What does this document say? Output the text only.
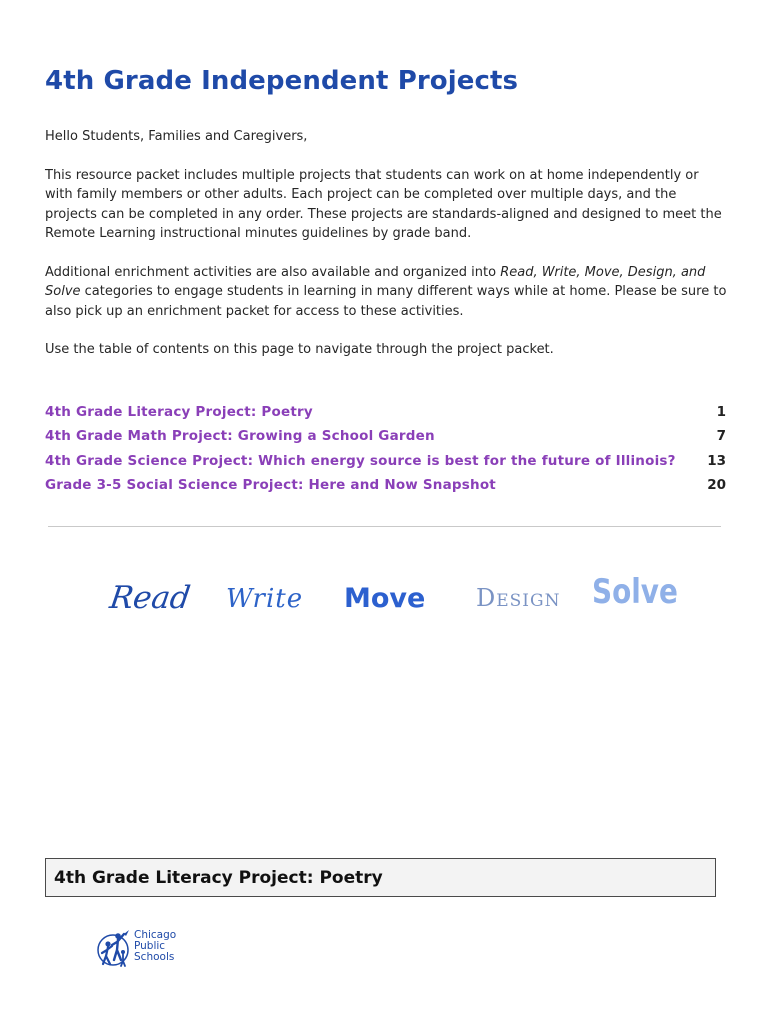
4th Grade Independent Projects

Hello Students, Families and Caregivers,

This resource packet includes multiple projects that students can work on at home independently or with family members or other adults. Each project can be completed over multiple days, and the projects can be completed in any order. These projects are standards-aligned and designed to meet the Remote Learning instructional minutes guidelines by grade band.

Additional enrichment activities are also available and organized into Read, Write, Move, Design, and Solve categories to engage students in learning in many different ways while at home. Please be sure to also pick up an enrichment packet for access to these activities.

Use the table of contents on this page to navigate through the project packet.

4th Grade Literacy Project: Poetry	1
4th Grade Math Project: Growing a School Garden	7
4th Grade Science Project: Which energy source is best for the future of Illinois? 13
Grade 3-5 Social Science Project: Here and Now Snapshot	20
Read Write Move Design Solve
4th Grade Literacy Project: Poetry
Chicago
Public
Schools
